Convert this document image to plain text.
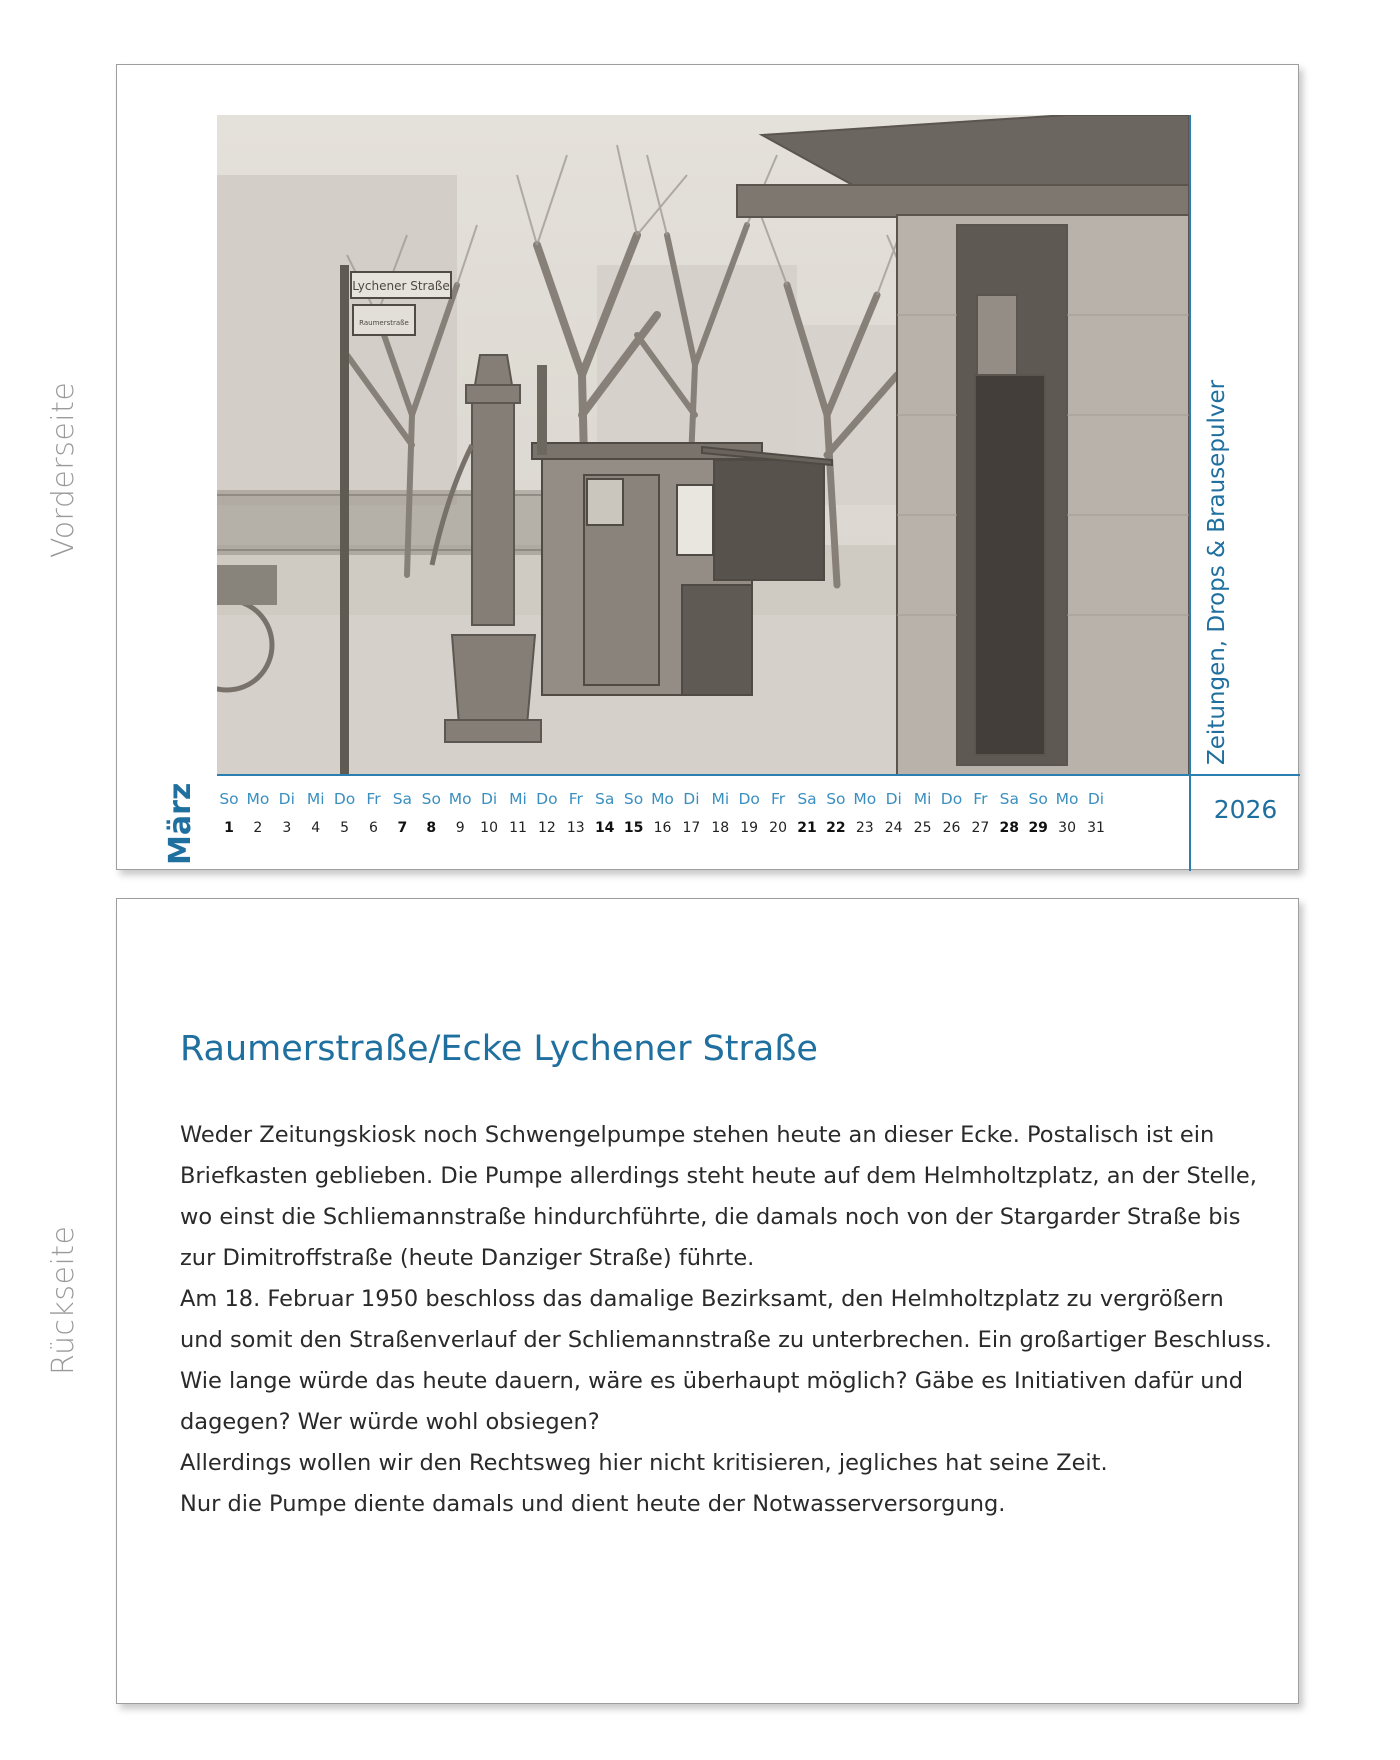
Vorderseite
Rückseite
Lychener Straße
Raumerstraße
März	So
1
Mo
2
Di
3
Mi
4
Do
5
Fr
6
Sa
7
So
8
Mo
9
Di
10
Mi
11
Do
12
Fr
13
Sa
14
So
15
Mo
16
Di
17
Mi
18
Do
19
Fr
20
Sa
21
So
22
Mo
23
Di
24
Mi
25
Do
26
Fr
27
Sa
28
So
29
Mo
30
Di
31
Zeitungen, Drops & Brausepulver
2026
Raumerstraße/Ecke Lychener Straße

Weder Zeitungskiosk noch Schwengelpumpe stehen heute an dieser Ecke. Postalisch ist ein

Briefkasten geblieben. Die Pumpe allerdings steht heute auf dem Helmholtzplatz, an der Stelle,

wo einst die Schliemannstraße hindurchführte, die damals noch von der Stargarder Straße bis

zur Dimitroffstraße (heute Danziger Straße) führte.

Am 18. Februar 1950 beschloss das damalige Bezirksamt, den Helmholtzplatz zu vergrößern

und somit den Straßenverlauf der Schliemannstraße zu unterbrechen. Ein großartiger Beschluss.

Wie lange würde das heute dauern, wäre es überhaupt möglich? Gäbe es Initiativen dafür und

dagegen? Wer würde wohl obsiegen?

Allerdings wollen wir den Rechtsweg hier nicht kritisieren, jegliches hat seine Zeit.

Nur die Pumpe diente damals und dient heute der Notwasserversorgung.
